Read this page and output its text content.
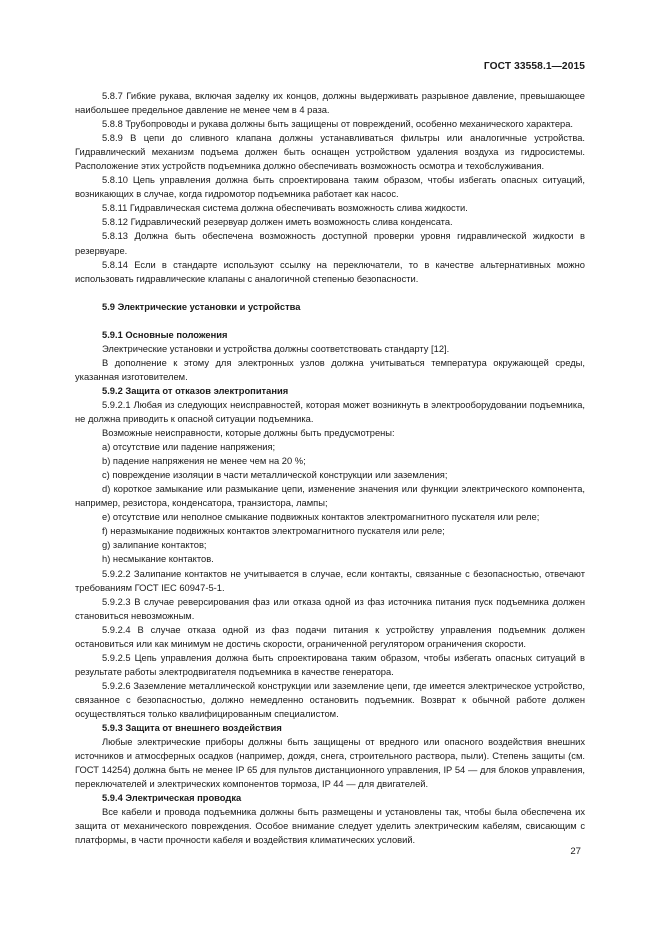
ГОСТ 33558.1—2015

5.8.7 Гибкие рукава, включая заделку их концов, должны выдерживать разрывное давление, превышающее наибольшее предельное давление не менее чем в 4 раза.

5.8.8 Трубопроводы и рукава должны быть защищены от повреждений, особенно механического характера.

5.8.9 В цепи до сливного клапана должны устанавливаться фильтры или аналогичные устройства. Гидравлический механизм подъема должен быть оснащен устройством удаления воздуха из гидросистемы. Расположение этих устройств подъемника должно обеспечивать возможность осмотра и техобслуживания.

5.8.10 Цепь управления должна быть спроектирована таким образом, чтобы избегать опасных ситуаций, возникающих в случае, когда гидромотор подъемника работает как насос.

5.8.11 Гидравлическая система должна обеспечивать возможность слива жидкости.

5.8.12 Гидравлический резервуар должен иметь возможность слива конденсата.

5.8.13 Должна быть обеспечена возможность доступной проверки уровня гидравлической жидкости в резервуаре.

5.8.14 Если в стандарте используют ссылку на переключатели, то в качестве альтернативных можно использовать гидравлические клапаны с аналогичной степенью безопасности.

5.9 Электрические установки и устройства

5.9.1 Основные положения

Электрические установки и устройства должны соответствовать стандарту [12].

В дополнение к этому для электронных узлов должна учитываться температура окружающей среды, указанная изготовителем.

5.9.2 Защита от отказов электропитания

5.9.2.1 Любая из следующих неисправностей, которая может возникнуть в электрооборудовании подъемника, не должна приводить к опасной ситуации подъемника.

Возможные неисправности, которые должны быть предусмотрены:

a) отсутствие или падение напряжения;

b) падение напряжения не менее чем на 20 %;

c) повреждение изоляции в части металлической конструкции или заземления;

d) короткое замыкание или размыкание цепи, изменение значения или функции электрического компонента, например, резистора, конденсатора, транзистора, лампы;

e) отсутствие или неполное смыкание подвижных контактов электромагнитного пускателя или реле;

f) неразмыкание подвижных контактов электромагнитного пускателя или реле;

g) залипание контактов;

h) несмыкание контактов.

5.9.2.2 Залипание контактов не учитывается в случае, если контакты, связанные с безопасностью, отвечают требованиям ГОСТ IEC 60947-5-1.

5.9.2.3 В случае реверсирования фаз или отказа одной из фаз источника питания пуск подъемника должен становиться невозможным.

5.9.2.4 В случае отказа одной из фаз подачи питания к устройству управления подъемник должен остановиться или как минимум не достичь скорости, ограниченной регулятором ограничения скорости.

5.9.2.5 Цепь управления должна быть спроектирована таким образом, чтобы избегать опасных ситуаций в результате работы электродвигателя подъемника в качестве генератора.

5.9.2.6 Заземление металлической конструкции или заземление цепи, где имеется электрическое устройство, связанное с безопасностью, должно немедленно остановить подъемник. Возврат к обычной работе должен осуществляться только квалифицированным специалистом.

5.9.3 Защита от внешнего воздействия

Любые электрические приборы должны быть защищены от вредного или опасного воздействия внешних источников и атмосферных осадков (например, дождя, снега, строительного раствора, пыли). Степень защиты (см. ГОСТ 14254) должна быть не менее IP 65 для пультов дистанционного управления, IP 54 — для блоков управления, переключателей и электрических компонентов тормоза, IP 44 — для двигателей.

5.9.4 Электрическая проводка

Все кабели и провода подъемника должны быть размещены и установлены так, чтобы была обеспечена их защита от механического повреждения. Особое внимание следует уделить электрическим кабелям, свисающим с платформы, в части прочности кабеля и воздействия климатических условий.

27
